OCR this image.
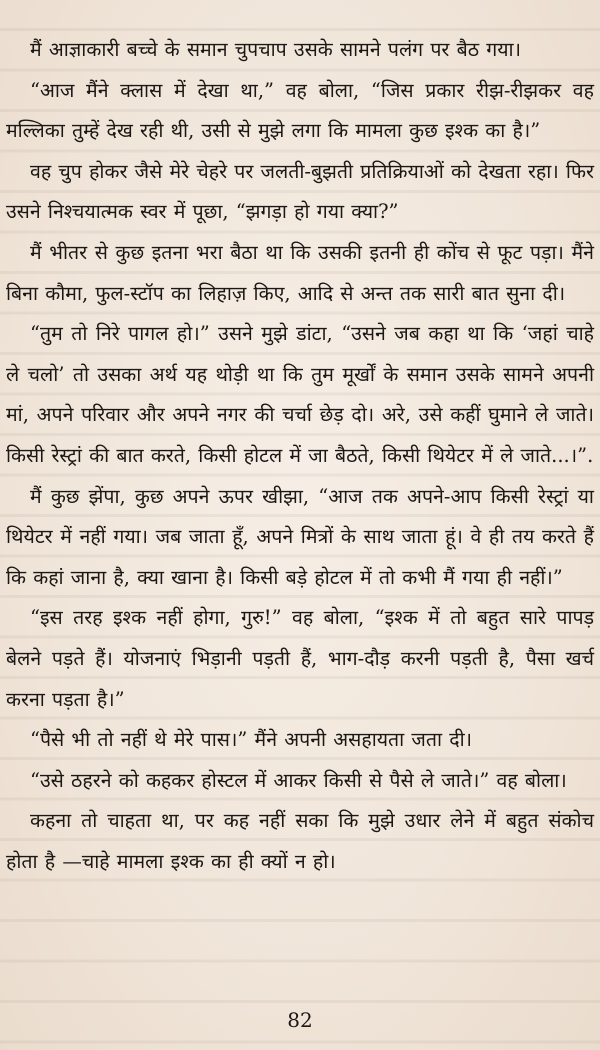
मैं आज्ञाकारी बच्चे के समान चुपचाप उसके सामने पलंग पर बैठ गया।

“आज मैंने क्लास में देखा था,” वह बोला, “जिस प्रकार रीझ-रीझकर वह मल्लिका तुम्हें देख रही थी, उसी से मुझे लगा कि मामला कुछ इश्क का है।”

वह चुप होकर जैसे मेरे चेहरे पर जलती-बुझती प्रतिक्रियाओं को देखता रहा। फिर उसने निश्चयात्मक स्वर में पूछा, “झगड़ा हो गया क्या?”

मैं भीतर से कुछ इतना भरा बैठा था कि उसकी इतनी ही कोंच से फूट पड़ा। मैंने बिना कौमा, फुल-स्टॉप का लिहाज़ किए, आदि से अन्त तक सारी बात सुना दी।

“तुम तो निरे पागल हो।” उसने मुझे डांटा, “उसने जब कहा था कि ‘जहां चाहे ले चलो’ तो उसका अर्थ यह थोड़ी था कि तुम मूर्खों के समान उसके सामने अपनी मां, अपने परिवार और अपने नगर की चर्चा छेड़ दो। अरे, उसे कहीं घुमाने ले जाते। किसी रेस्ट्रां की बात करते, किसी होटल में जा बैठते, किसी थियेटर में ले जाते...।”.

मैं कुछ झेंपा, कुछ अपने ऊपर खीझा, “आज तक अपने-आप किसी रेस्ट्रां या थियेटर में नहीं गया। जब जाता हूँ, अपने मित्रों के साथ जाता हूं। वे ही तय करते हैं कि कहां जाना है, क्या खाना है। किसी बड़े होटल में तो कभी मैं गया ही नहीं।”

“इस तरह इश्क नहीं होगा, गुरु!” वह बोला, “इश्क में तो बहुत सारे पापड़ बेलने पड़ते हैं। योजनाएं भिड़ानी पड़ती हैं, भाग-दौड़ करनी पड़ती है, पैसा खर्च करना पड़ता है।”

“पैसे भी तो नहीं थे मेरे पास।” मैंने अपनी असहायता जता दी।

“उसे ठहरने को कहकर होस्टल में आकर किसी से पैसे ले जाते।” वह बोला।

कहना तो चाहता था, पर कह नहीं सका कि मुझे उधार लेने में बहुत संकोच होता है —चाहे मामला इश्क का ही क्यों न हो।

82
